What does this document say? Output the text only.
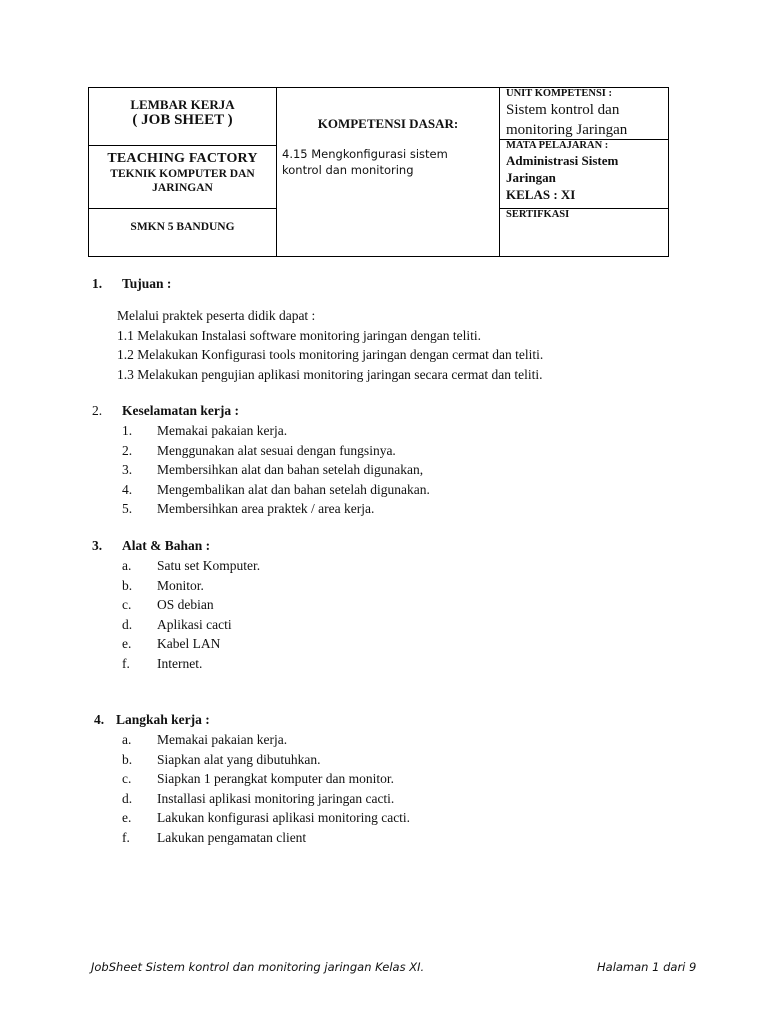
LEMBAR KERJA
( JOB SHEET )
TEACHING FACTORY
TEKNIK KOMPUTER DAN
JARINGAN
SMKN 5 BANDUNG
KOMPETENSI DASAR:
4.15 Mengkonfigurasi sistem
kontrol dan monitoring
UNIT KOMPETENSI :
Sistem kontrol dan
monitoring Jaringan
MATA PELAJARAN :
Administrasi Sistem
Jaringan
KELAS : XI
SERTIFKASI
1. Tujuan :
Melalui praktek peserta didik dapat :
1.1 Melakukan Instalasi software monitoring jaringan dengan teliti.
1.2 Melakukan Konfigurasi tools monitoring jaringan dengan cermat dan teliti.
1.3 Melakukan pengujian aplikasi monitoring jaringan secara cermat dan teliti.
2. Keselamatan kerja :
1. Memakai pakaian kerja.
2. Menggunakan alat sesuai dengan fungsinya.
3. Membersihkan alat dan bahan setelah digunakan,
4. Mengembalikan alat dan bahan setelah digunakan.
5. Membersihkan area praktek / area kerja.
3. Alat & Bahan :
a. Satu set Komputer.
b. Monitor.
c. OS debian
d. Aplikasi cacti
e. Kabel LAN
f. Internet.
4. Langkah kerja :
a. Memakai pakaian kerja.
b. Siapkan alat yang dibutuhkan.
c. Siapkan 1 perangkat komputer dan monitor.
d. Installasi aplikasi monitoring jaringan cacti.
e. Lakukan konfigurasi aplikasi monitoring cacti.
f. Lakukan pengamatan client
JobSheet Sistem kontrol dan monitoring jaringan Kelas XI.	Halaman 1 dari 9
